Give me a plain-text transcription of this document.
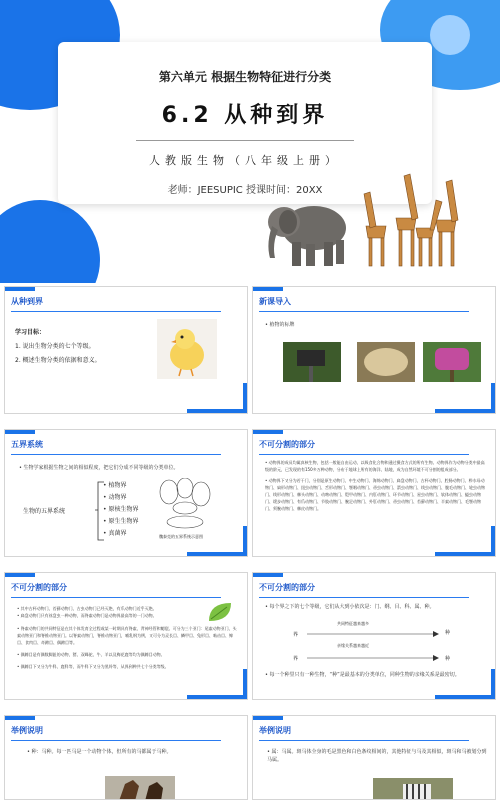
第六单元 根据生物特征进行分类
6.2 从种到界
人教版生物（八年级上册）
老师：JEESUPIC 授课时间：20XX
从种到界
学习目标：
1. 说出生物分类的七个等级。
2. 概述生物分类的依据和意义。
新课导入
• 植物的标牌
五界系统
• 生物学家根据生物之间的相似程度，把它们分成不同等级的分类单位。
生物的五界系统
• 植物界
• 动物界
• 原核生物界
• 原生生物界
• 真菌界	魏泰克的五界系统示意图
不可分割的部分
• 动物界的成员均属真核生物，包括一般能自由运动、以吸食化合物和通过摄食方式的所有生物。动物界作为动物分类中最高级的阶元，已发现的有150多万种动物，分布于地球上所有的海洋、陆地，成为自然环境不可分割的组成部分。
• 动物界下又分为若干门，分别是原生动物门、中生动物门、海绵动物门、扁盘动物门、古杯动物门、腔肠动物门、栉水母动物门、扁形动物门、纽虫动物门、舌形动物门、颚咽动物门、帚虫动物门、箭虫动物门、线虫动物门、腹毛动物门、轮虫动物门、线形动物门、棘头动物门、动吻动物门、铠甲动物门、内肛动物门、环节动物门、星虫动物门、软体动物门、螠虫动物门、缓步动物门、有爪动物门、节肢动物门、腕足动物门、外肛动物门、帚虫动物门、苔藓动物门、半索动物门、毛颚动物门、须腕动物门、棘皮动物门。
不可分割的部分
• 其中古杯动物门、苔藓动物门、古虫动物门已经灭绝，有爪动物门近乎灭绝。
• 扁盘动物门只有丝盘虫一种动物，而脊索动物门是动物界最高等的一门动物。
• 脊索动物门的共同特征是在其个体发育全过程或某一时期具有脊索、背神经管和鳃裂。可分为三个亚门：尾索动物亚门、头索动物亚门和脊椎动物亚门。以脊索动物门，脊椎动物亚门，哺乳纲为例，又可分为灵长目、鳞甲目、兔形目、啮齿目、鲸目、食肉目、奇蹄目、偶蹄目等。
• 偶蹄目是有偶数脚趾的动物，猪、双峰驼、牛、羊以及梅花鹿等均为偶蹄目动物。
• 偶蹄目下又分为牛科、鹿科等，而牛科下又分为黑羚等，从界到种共七个分类等级。
不可分割的部分
• 每个界之下的七个等级，它们从大到小依次是：门、纲、目、科、属、种。
界	种
共同特征越来越多
亲缘关系越来越近
界	种
• 每一个种里只有一种生物，“种”是最基本的分类单位，同种生物的亲缘关系是最密切。
举例说明
• 种：马种。每一匹马是一个动物个体，但所有的马都属于马种。
举例说明
• 属：马属。斑马体全身的毛是黑色和白色条纹相间的，其他特征与马及其相似，斑马和马被划分到马属。
